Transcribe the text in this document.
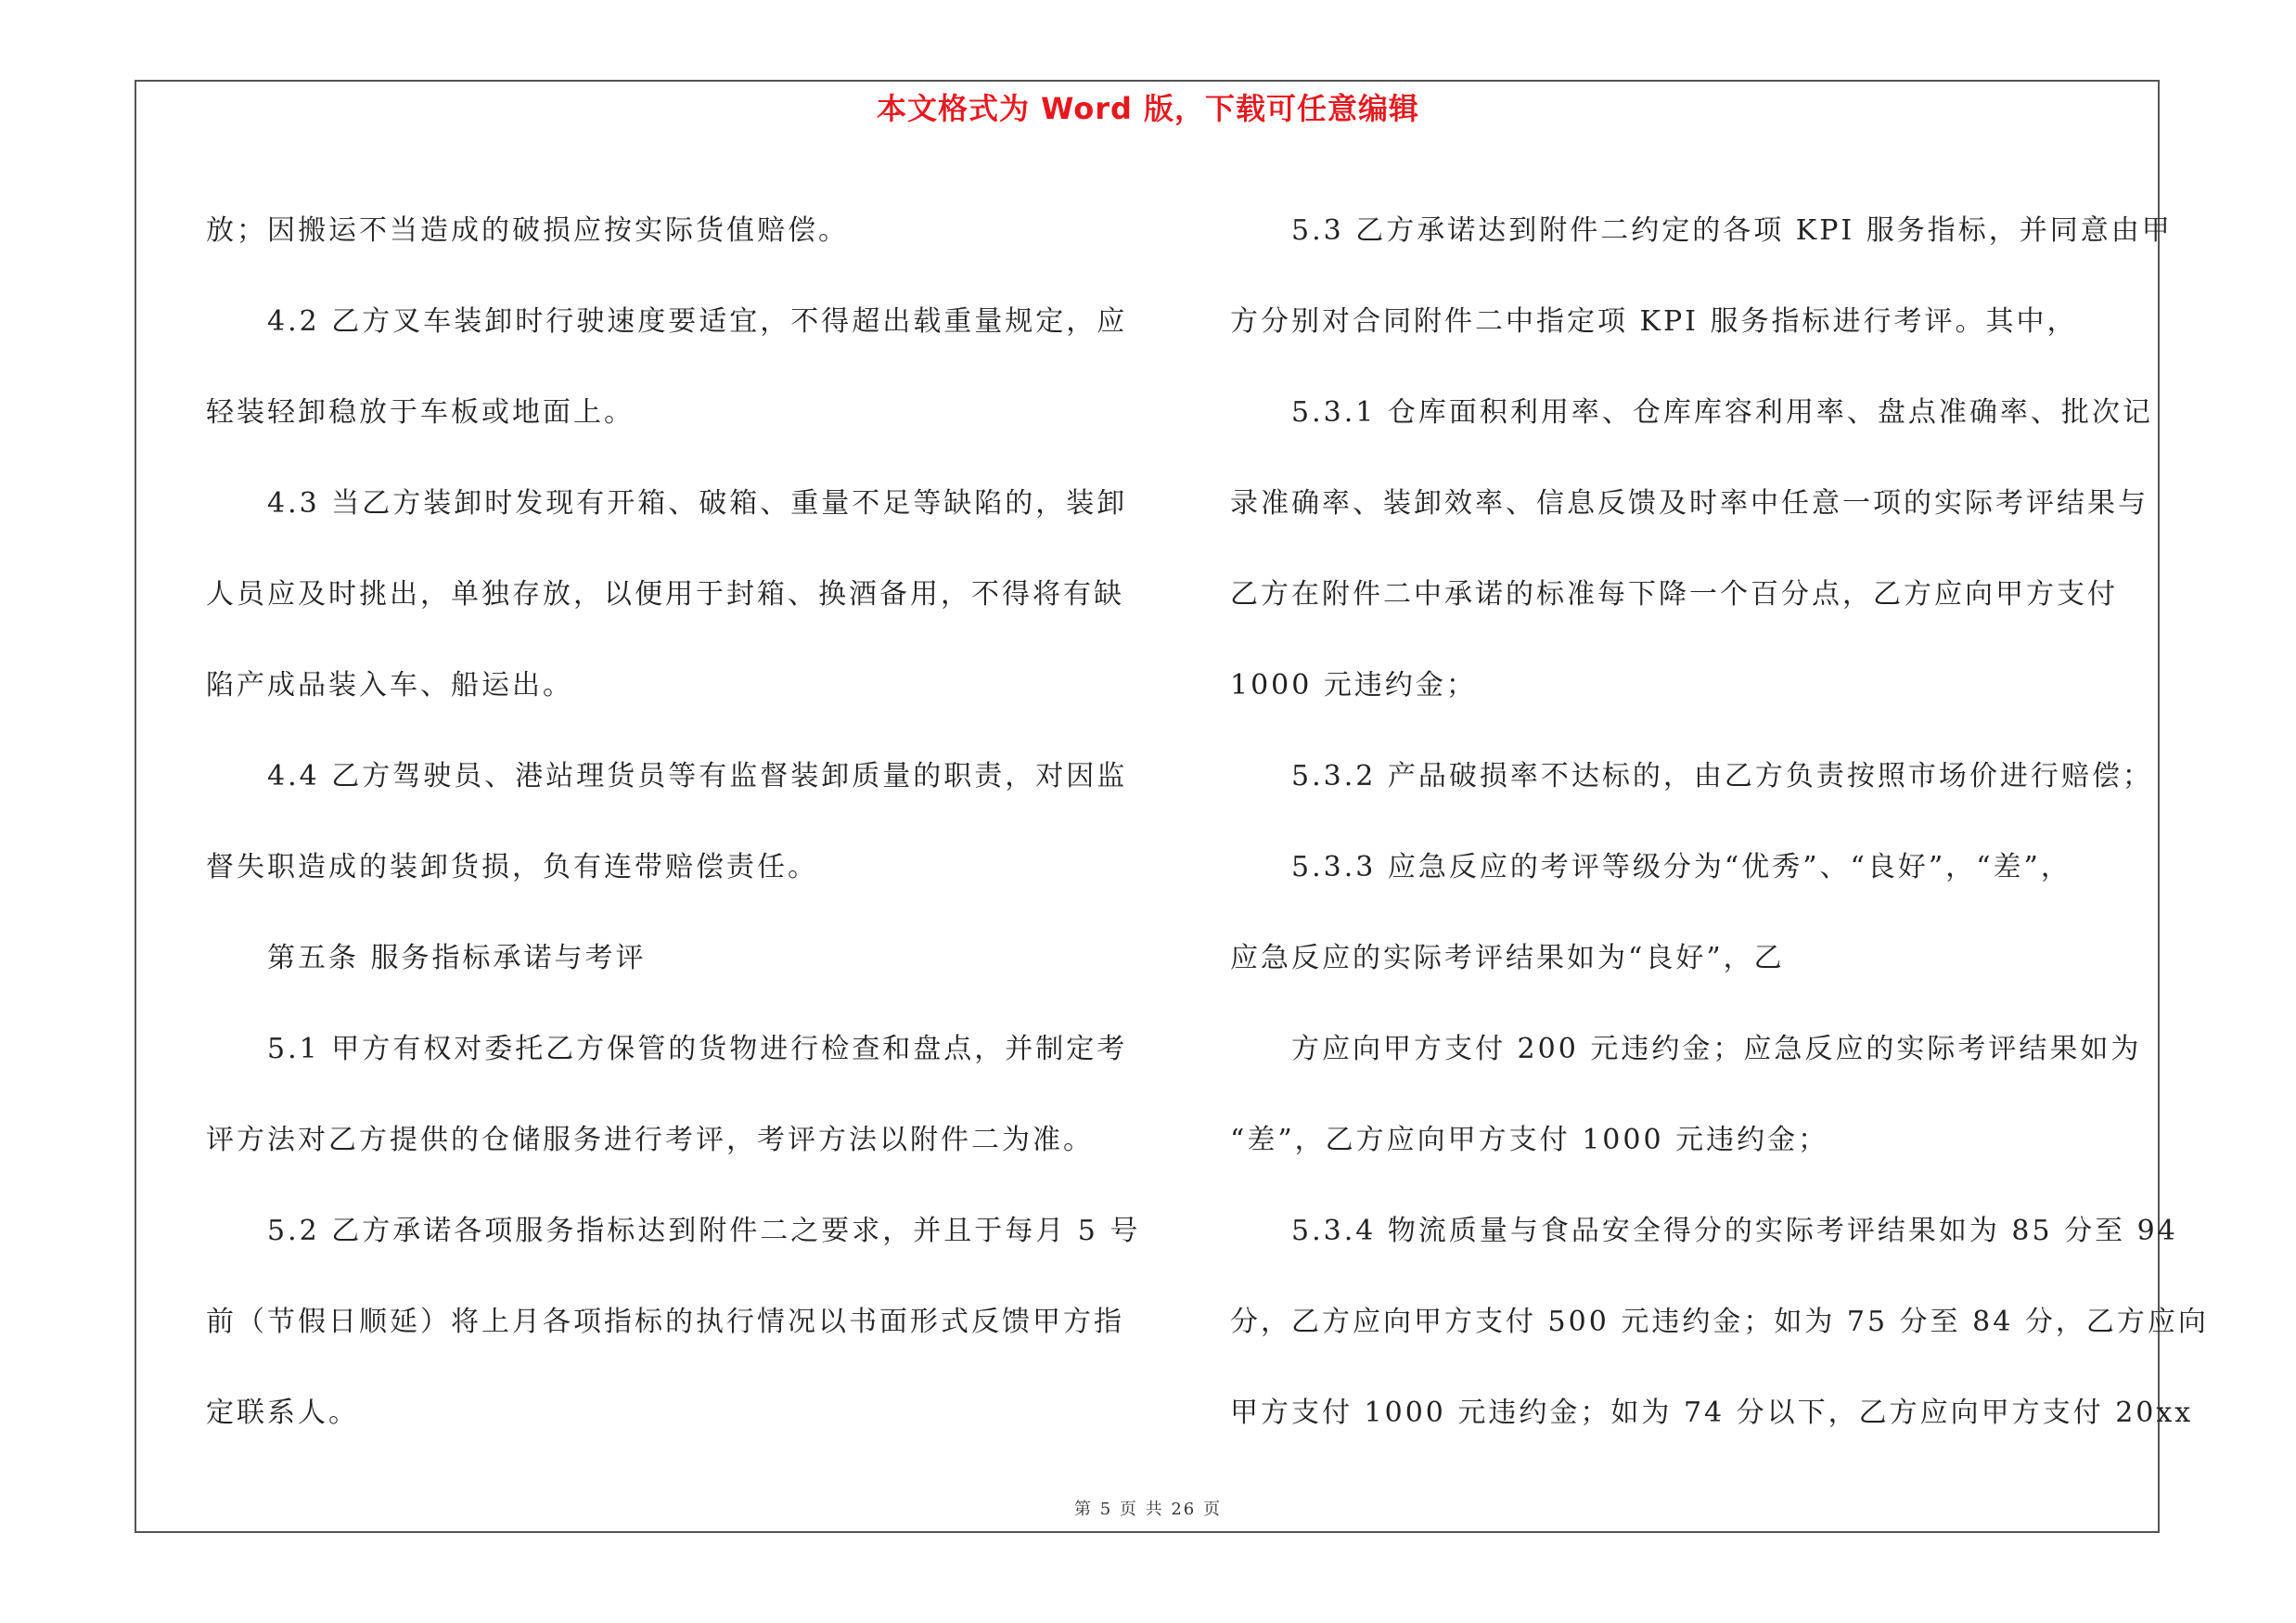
本文格式为 Word 版，下载可任意编辑
放；因搬运不当造成的破损应按实际货值赔偿。
4.2 乙方叉车装卸时行驶速度要适宜，不得超出载重量规定，应
轻装轻卸稳放于车板或地面上。
4.3 当乙方装卸时发现有开箱、破箱、重量不足等缺陷的，装卸
人员应及时挑出，单独存放，以便用于封箱、换酒备用，不得将有缺
陷产成品装入车、船运出。
4.4 乙方驾驶员、港站理货员等有监督装卸质量的职责，对因监
督失职造成的装卸货损，负有连带赔偿责任。
第五条 服务指标承诺与考评
5.1 甲方有权对委托乙方保管的货物进行检查和盘点，并制定考
评方法对乙方提供的仓储服务进行考评，考评方法以附件二为准。
5.2 乙方承诺各项服务指标达到附件二之要求，并且于每月 5 号
前（节假日顺延）将上月各项指标的执行情况以书面形式反馈甲方指
定联系人。
5.3 乙方承诺达到附件二约定的各项 KPI 服务指标，并同意由甲
方分别对合同附件二中指定项 KPI 服务指标进行考评。其中，
5.3.1 仓库面积利用率、仓库库容利用率、盘点准确率、批次记
录准确率、装卸效率、信息反馈及时率中任意一项的实际考评结果与
乙方在附件二中承诺的标准每下降一个百分点，乙方应向甲方支付
1000 元违约金；
5.3.2 产品破损率不达标的，由乙方负责按照市场价进行赔偿；
5.3.3 应急反应的考评等级分为“优秀”、“良好”，“差”，
应急反应的实际考评结果如为“良好”，乙
方应向甲方支付 200 元违约金；应急反应的实际考评结果如为
“差”，乙方应向甲方支付 1000 元违约金；
5.3.4 物流质量与食品安全得分的实际考评结果如为 85 分至 94
分，乙方应向甲方支付 500 元违约金；如为 75 分至 84 分，乙方应向
甲方支付 1000 元违约金；如为 74 分以下，乙方应向甲方支付 20xx
第 5 页 共 26 页
